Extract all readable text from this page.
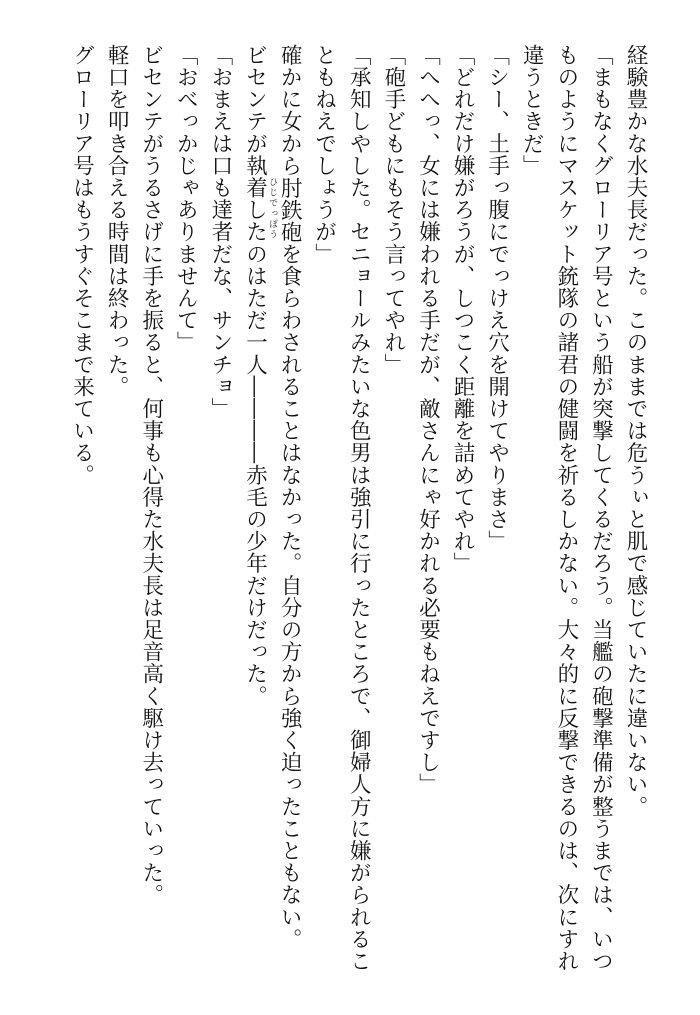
経験豊かな水夫長だった。このままでは危うぃと肌で感じていたに違いない。
「まもなくグローリア号という船が突撃してくるだろう。当艦の砲撃準備が整うまでは、いつ
ものようにマスケット銃隊の諸君の健闘を祈るしかない。大々的に反撃できるのは、次にすれ
違うときだ」
「シー、土手っ腹にでっけえ穴を開けてやりまさ」
「どれだけ嫌がろうが、しつこく距離を詰めてやれ」
「へへっ、女には嫌われる手だが、敵さんにゃ好かれる必要もねえですし」
「砲手どもにもそう言ってやれ」
「承知しやした。セニョールみたいな色男は強引に行ったところで、御婦人方に嫌がられるこ
ともねえでしょうが」
確かに女から肘鉄砲
ひじでっぽう
を食らわされることはなかった。自分の方から強く迫ったこともない。
ビセンテが執着したのはただ一人――――赤毛の少年だけだった。
「おまえは口も達者だな、サンチョ」
「おべっかじゃありませんて」
ビセンテがうるさげに手を振ると、何事も心得た水夫長は足音高く駆け去っていった。
軽口を叩き合える時間は終わった。
グローリア号はもうすぐそこまで来ている。
